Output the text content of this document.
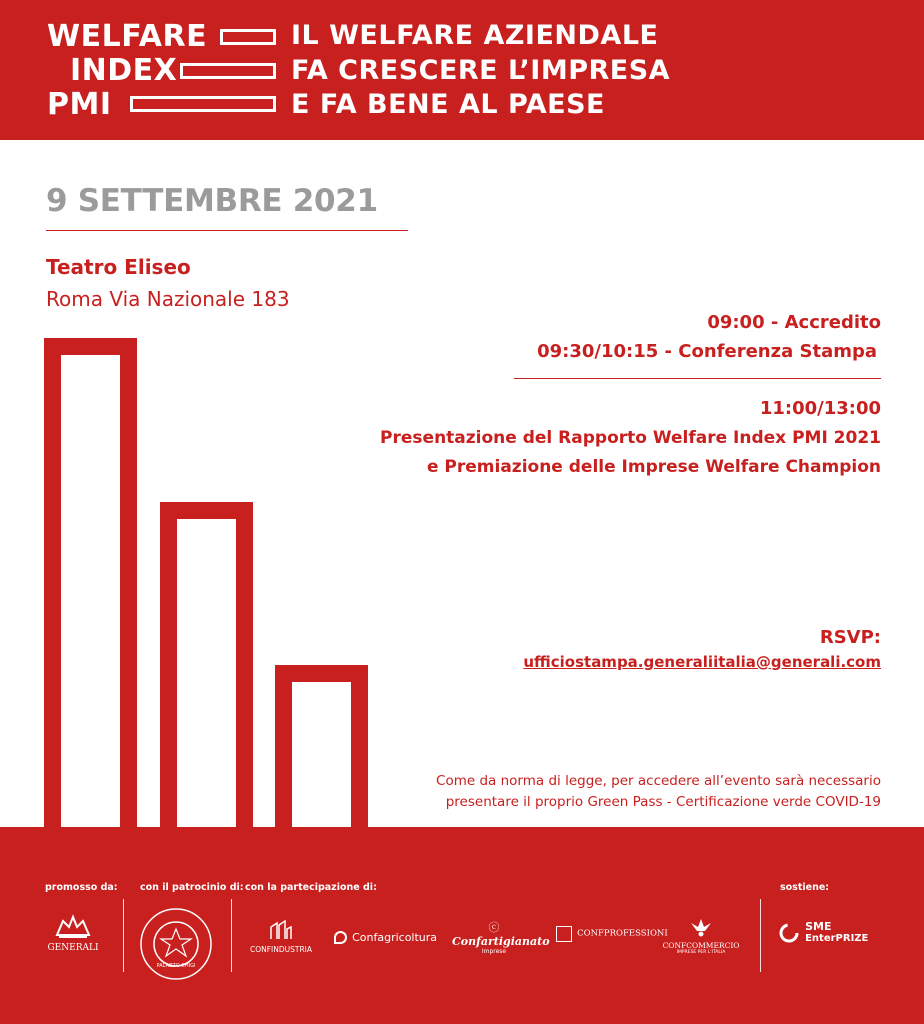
WELFARE
INDEX
PMI
IL WELFARE AZIENDALE
FA CRESCERE L’IMPRESA
E FA BENE AL PAESE
9 SETTEMBRE 2021
Teatro Eliseo
Roma Via Nazionale 183
09:00 - Accredito
09:30/10:15 - Conferenza Stampa
11:00/13:00
Presentazione del Rapporto Welfare Index PMI 2021
e Premiazione delle Imprese Welfare Champion
RSVP:
ufficiostampa.generaliitalia@generali.com
Come da norma di legge, per accedere all’evento sarà necessario
presentare il proprio Green Pass - Certificazione verde COVID-19
promosso da: con il patrocinio di: con la partecipazione di:	sostiene:
GENERALI
PALAZZO CHIGI
CONFINDUSTRIA
Confagricoltura
ⓒ
Confartigianato
Imprese
CONFPROFESSIONI
CONFCOMMERCIO
IMPRESE PER L'ITALIA

SME
EnterPRIZE
